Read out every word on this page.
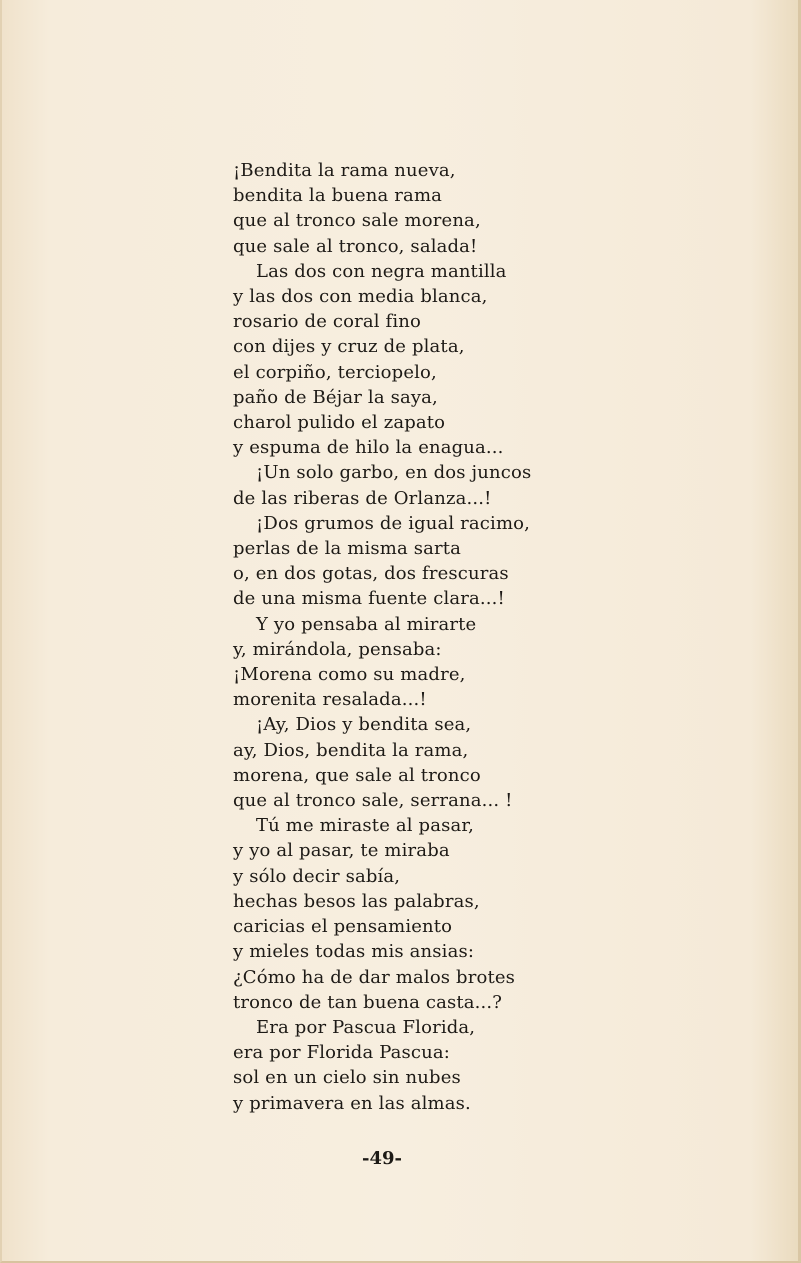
¡Bendita la rama nueva,
bendita la buena rama
que al tronco sale morena,
que sale al tronco, salada!
Las dos con negra mantilla
y las dos con media blanca,
rosario de coral fino
con dijes y cruz de plata,
el corpiño, terciopelo,
paño de Béjar la saya,
charol pulido el zapato
y espuma de hilo la enagua...
¡Un solo garbo, en dos juncos
de las riberas de Orlanza...!
¡Dos grumos de igual racimo,
perlas de la misma sarta
o, en dos gotas, dos frescuras
de una misma fuente clara...!
Y yo pensaba al mirarte
y, mirándola, pensaba:
¡Morena como su madre,
morenita resalada...!
¡Ay, Dios y bendita sea,
ay, Dios, bendita la rama,
morena, que sale al tronco
que al tronco sale, serrana... !
Tú me miraste al pasar,
y yo al pasar, te miraba
y sólo decir sabía,
hechas besos las palabras,
caricias el pensamiento
y mieles todas mis ansias:
¿Cómo ha de dar malos brotes
tronco de tan buena casta...?
Era por Pascua Florida,
era por Florida Pascua:
sol en un cielo sin nubes
y primavera en las almas.
-49-
